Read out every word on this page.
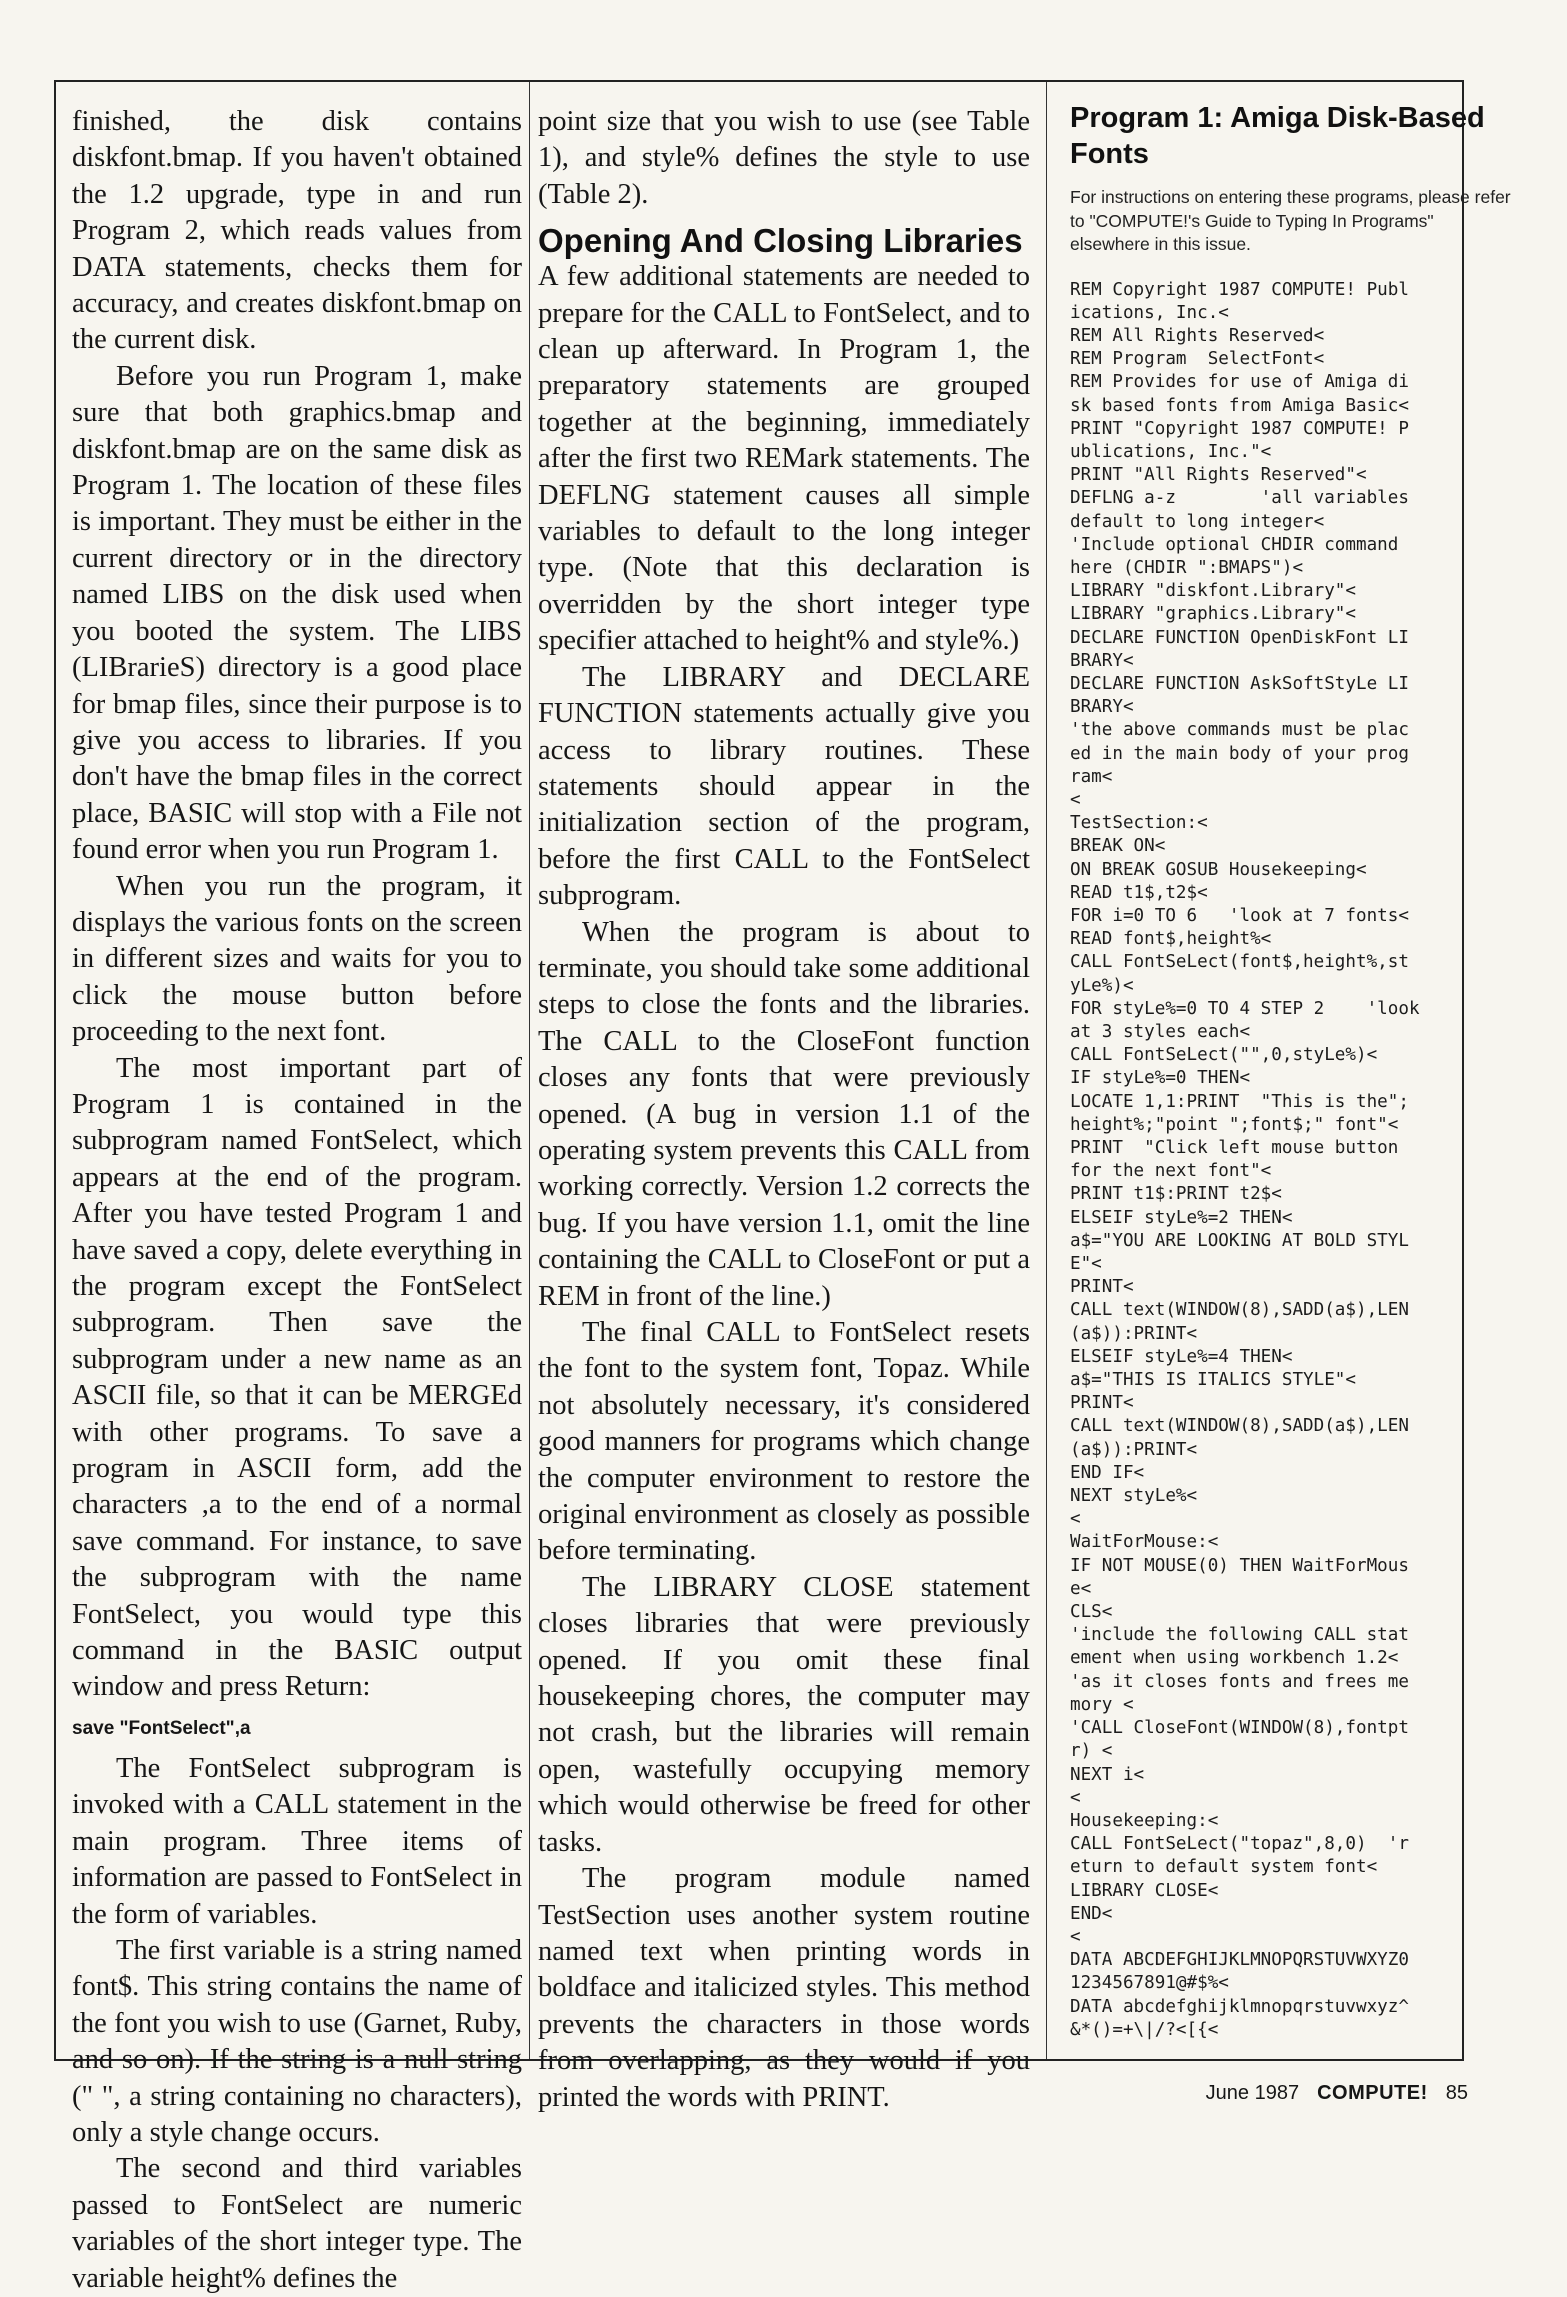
finished, the disk contains diskfont.bmap. If you haven't obtained the 1.2 upgrade, type in and run Program 2, which reads values from DATA statements, checks them for accuracy, and creates diskfont.bmap on the current disk.

Before you run Program 1, make sure that both graphics.bmap and diskfont.bmap are on the same disk as Program 1. The location of these files is important. They must be either in the current directory or in the directory named LIBS on the disk used when you booted the system. The LIBS (LIBrarieS) directory is a good place for bmap files, since their purpose is to give you access to libraries. If you don't have the bmap files in the correct place, BASIC will stop with a File not found error when you run Program 1.

When you run the program, it displays the various fonts on the screen in different sizes and waits for you to click the mouse button before proceeding to the next font.

The most important part of Program 1 is contained in the subprogram named FontSelect, which appears at the end of the program. After you have tested Program 1 and have saved a copy, delete everything in the program except the FontSelect subprogram. Then save the subprogram under a new name as an ASCII file, so that it can be MERGEd with other programs. To save a program in ASCII form, add the characters ,a to the end of a normal save command. For instance, to save the subprogram with the name FontSelect, you would type this command in the BASIC output window and press Return:

save "FontSelect",a

The FontSelect subprogram is invoked with a CALL statement in the main program. Three items of information are passed to FontSelect in the form of variables.

The first variable is a string named font$. This string contains the name of the font you wish to use (Garnet, Ruby, and so on). If the string is a null string (" ", a string containing no characters), only a style change occurs.

The second and third variables passed to FontSelect are numeric variables of the short integer type. The variable height% defines the

point size that you wish to use (see Table 1), and style% defines the style to use (Table 2).

Opening And Closing Libraries

A few additional statements are needed to prepare for the CALL to FontSelect, and to clean up afterward. In Program 1, the preparatory statements are grouped together at the beginning, immediately after the first two REMark statements. The DEFLNG statement causes all simple variables to default to the long integer type. (Note that this declaration is overridden by the short integer type specifier attached to height% and style%.)

The LIBRARY and DECLARE FUNCTION statements actually give you access to library routines. These statements should appear in the initialization section of the program, before the first CALL to the FontSelect subprogram.

When the program is about to terminate, you should take some additional steps to close the fonts and the libraries. The CALL to the CloseFont function closes any fonts that were previously opened. (A bug in version 1.1 of the operating system prevents this CALL from working correctly. Version 1.2 corrects the bug. If you have version 1.1, omit the line containing the CALL to CloseFont or put a REM in front of the line.)

The final CALL to FontSelect resets the font to the system font, Topaz. While not absolutely necessary, it's considered good manners for programs which change the computer environment to restore the original environment as closely as possible before terminating.

The LIBRARY CLOSE statement closes libraries that were previously opened. If you omit these final housekeeping chores, the computer may not crash, but the libraries will remain open, wastefully occupying memory which would otherwise be freed for other tasks.

The program module named TestSection uses another system routine named text when printing words in boldface and italicized styles. This method prevents the characters in those words from overlapping, as they would if you printed the words with PRINT.

Program 1: Amiga Disk-Based Fonts
For instructions on entering these programs, please refer to "COMPUTE!'s Guide to Typing In Programs" elsewhere in this issue.
REM Copyright 1987 COMPUTE! Publ
ications, Inc.<
REM All Rights Reserved<
REM Program  SelectFont<
REM Provides for use of Amiga di
sk based fonts from Amiga Basic<
PRINT "Copyright 1987 COMPUTE! P
ublications, Inc."<
PRINT "All Rights Reserved"<
DEFLNG a-z        'all variables
default to long integer<
'Include optional CHDIR command
here (CHDIR ":BMAPS")<
LIBRARY "diskfont.Library"<
LIBRARY "graphics.Library"<
DECLARE FUNCTION OpenDiskFont LI
BRARY<
DECLARE FUNCTION AskSoftStyLe LI
BRARY<
'the above commands must be plac
ed in the main body of your prog
ram<
<
TestSection:<
BREAK ON<
ON BREAK GOSUB Housekeeping<
READ t1$,t2$<
FOR i=0 TO 6   'look at 7 fonts<
READ font$,height%<
CALL FontSeLect(font$,height%,st
yLe%)<
FOR styLe%=0 TO 4 STEP 2    'look
at 3 styles each<
CALL FontSeLect("",0,styLe%)<
IF styLe%=0 THEN<
LOCATE 1,1:PRINT  "This is the";
height%;"point ";font$;" font"<
PRINT  "Click left mouse button
for the next font"<
PRINT t1$:PRINT t2$<
ELSEIF styLe%=2 THEN<
a$="YOU ARE LOOKING AT BOLD STYL
E"<
PRINT<
CALL text(WINDOW(8),SADD(a$),LEN
(a$)):PRINT<
ELSEIF styLe%=4 THEN<
a$="THIS IS ITALICS STYLE"<
PRINT<
CALL text(WINDOW(8),SADD(a$),LEN
(a$)):PRINT<
END IF<
NEXT styLe%<
<
WaitForMouse:<
IF NOT MOUSE(0) THEN WaitForMous
e<
CLS<
'include the following CALL stat
ement when using workbench 1.2<
'as it closes fonts and frees me
mory <
'CALL CloseFont(WINDOW(8),fontpt
r) <
NEXT i<
<
Housekeeping:<
CALL FontSeLect("topaz",8,0)  'r
eturn to default system font<
LIBRARY CLOSE<
END<
<
DATA ABCDEFGHIJKLMNOPQRSTUVWXYZ0
1234567891@#$%<
DATA abcdefghijklmnopqrstuvwxyz^
&*()=+\|/?<[{<
June 1987 COMPUTE! 85
